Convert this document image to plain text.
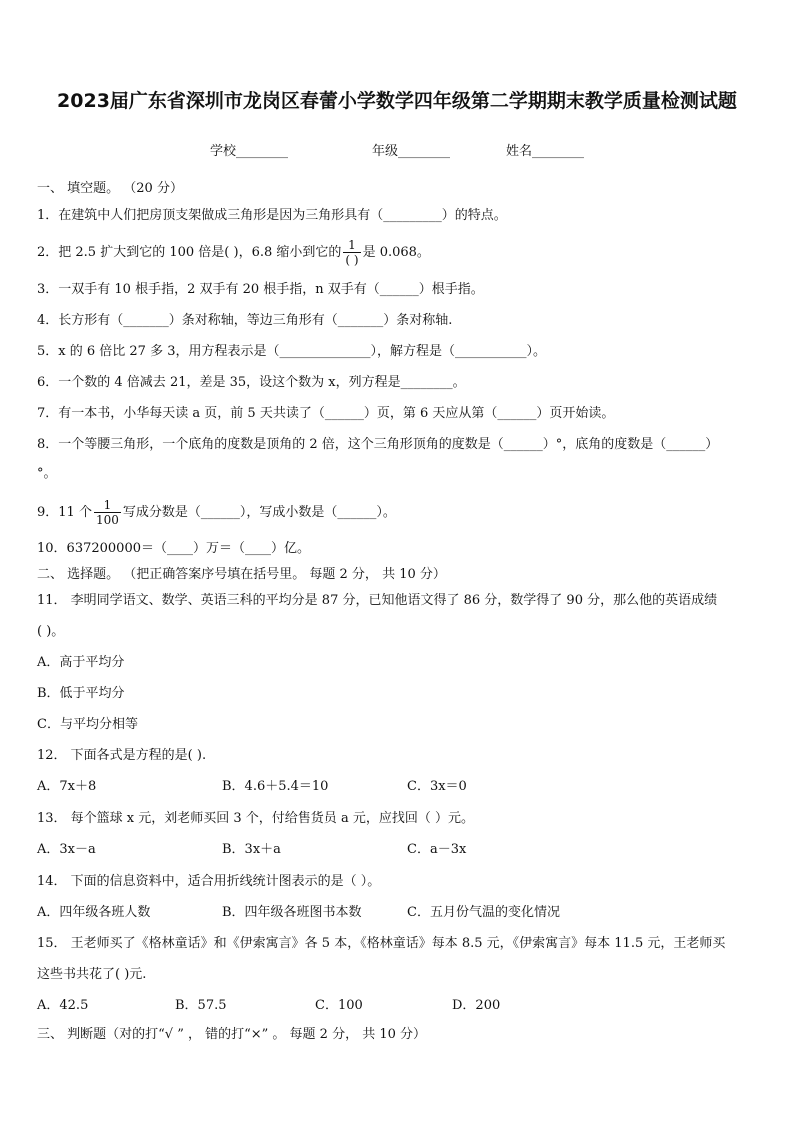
2023届广东省深圳市龙岗区春蕾小学数学四年级第二学期期末教学质量检测试题
学校________	年级________	姓名________
一、 填空题。 （20 分）
1．在建筑中人们把房顶支架做成三角形是因为三角形具有（_________）的特点。
2．把 2.5 扩大到它的 100 倍是( )，6.8 缩小到它的 $\frac{1}{( )}$ 是 0.068。
3．一双手有 10 根手指，2 双手有 20 根手指，n 双手有（______）根手指。
4．长方形有（_______）条对称轴，等边三角形有（_______）条对称轴.
5．x 的 6 倍比 27 多 3，用方程表示是（______________），解方程是（___________）。
6．一个数的 4 倍减去 21，差是 35，设这个数为 x，列方程是________。
7．有一本书，小华每天读 a 页，前 5 天共读了（______）页，第 6 天应从第（______）页开始读。
8．一个等腰三角形，一个底角的度数是顶角的 2 倍，这个三角形顶角的度数是（______）°，底角的度数是（______）
°。
9．11 个 $\frac{1}{100}$ 写成分数是（______），写成小数是（______）。
10．637200000＝（____）万＝（____）亿。
二、 选择题。 （把正确答案序号填在括号里。 每题 2 分， 共 10 分）
11． 李明同学语文、数学、英语三科的平均分是 87 分，已知他语文得了 86 分，数学得了 90 分，那么他的英语成绩
( )。
A．高于平均分
B．低于平均分
C．与平均分相等
12． 下面各式是方程的是( ).
A．7x＋8	B．4.6＋5.4＝10	C．3x＝0
13． 每个篮球 x 元，刘老师买回 3 个，付给售货员 a 元，应找回（ ）元。
A．3x－a	B．3x＋a	C．a－3x
14． 下面的信息资料中，适合用折线统计图表示的是（ ）。
A．四年级各班人数	B．四年级各班图书本数	C．五月份气温的变化情况
15． 王老师买了《格林童话》和《伊索寓言》各 5 本，《格林童话》每本 8.5 元，《伊索寓言》每本 11.5 元，王老师买
这些书共花了( )元.
A．42.5	B．57.5	C．100	D．200
三、 判断题（对的打“√ ” ， 错的打“×” 。 每题 2 分， 共 10 分）
